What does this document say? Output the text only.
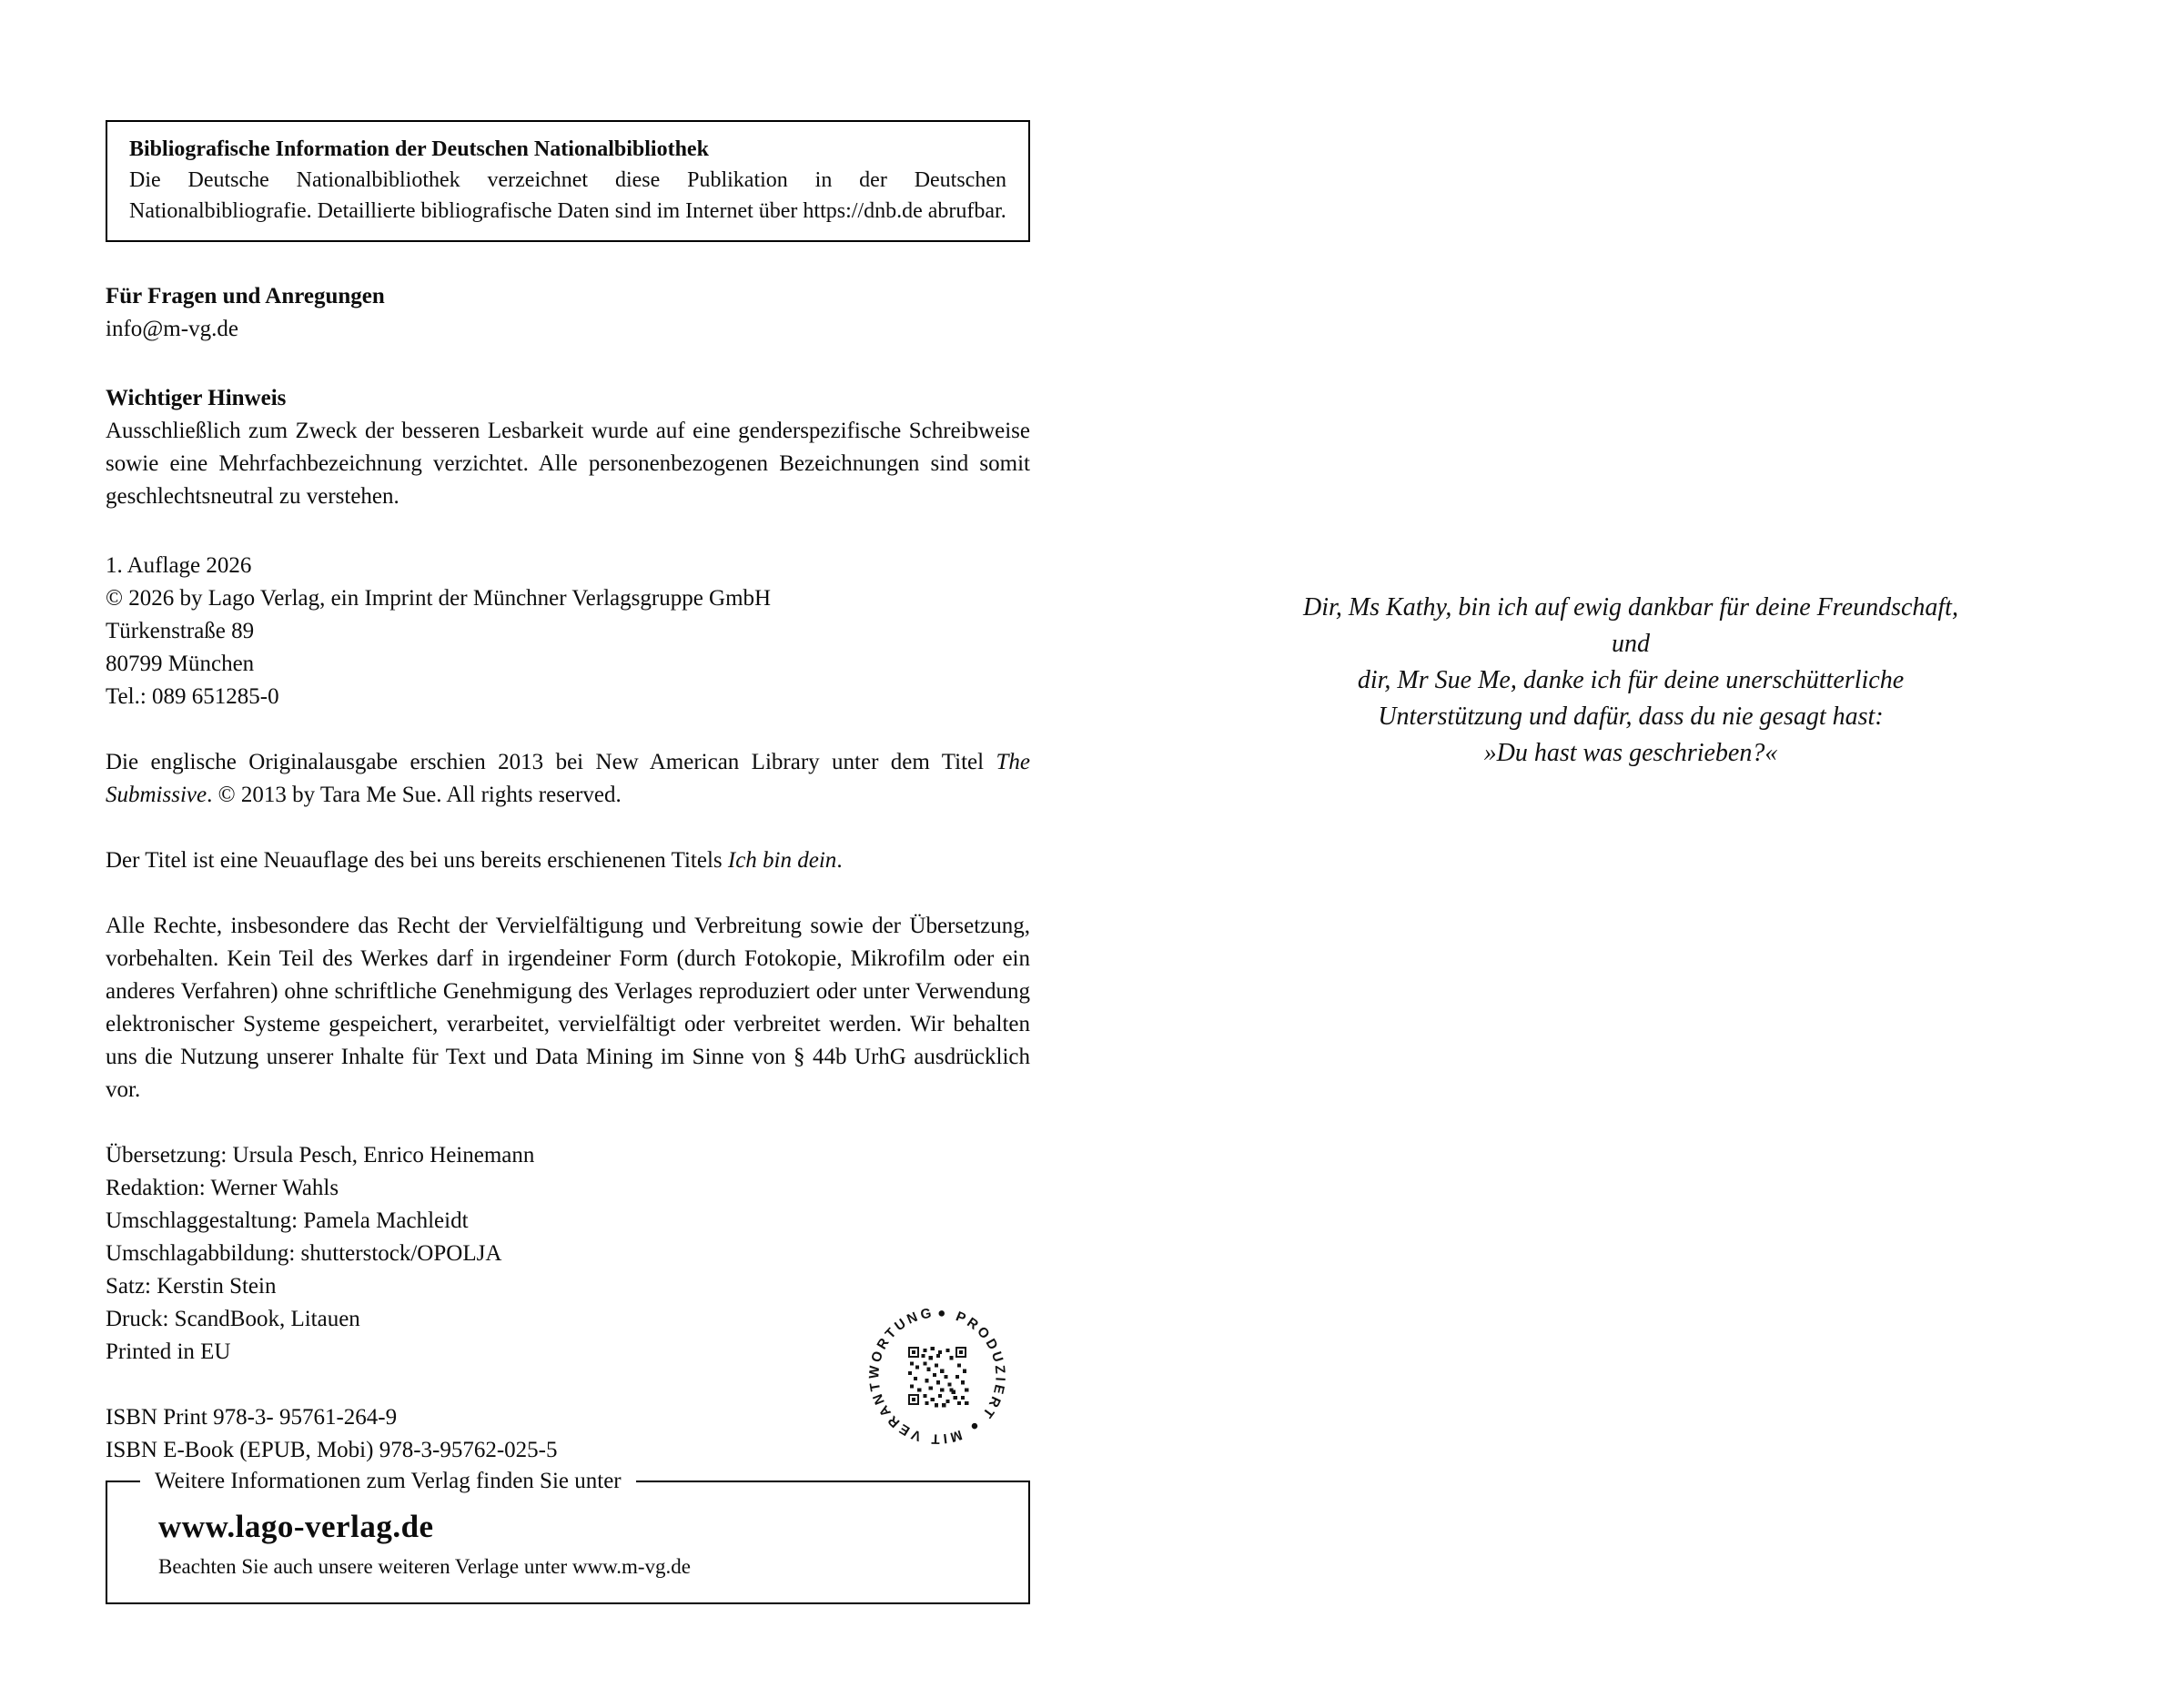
Bibliografische Information der Deutschen Nationalbibliothek
Die Deutsche Nationalbibliothek verzeichnet diese Publikation in der Deutschen Nationalbibliografie. Detaillierte bibliografische Daten sind im Internet über https://dnb.de abrufbar.
Für Fragen und Anregungen
info@m-vg.de
Wichtiger Hinweis
Ausschließlich zum Zweck der besseren Lesbarkeit wurde auf eine genderspezifische Schreibweise sowie eine Mehrfachbezeichnung verzichtet. Alle personenbezogenen Bezeichnungen sind somit geschlechtsneutral zu verstehen.
1. Auflage 2026
© 2026 by Lago Verlag, ein Imprint der Münchner Verlagsgruppe GmbH
Türkenstraße 89
80799 München
Tel.: 089 651285-0
Die englische Originalausgabe erschien 2013 bei New American Library unter dem Titel The Submissive. © 2013 by Tara Me Sue. All rights reserved.
Der Titel ist eine Neuauflage des bei uns bereits erschienenen Titels Ich bin dein.
Alle Rechte, insbesondere das Recht der Vervielfältigung und Verbreitung sowie der Übersetzung, vorbehalten. Kein Teil des Werkes darf in irgendeiner Form (durch Fotokopie, Mikrofilm oder ein anderes Verfahren) ohne schriftliche Genehmigung des Verlages reproduziert oder unter Verwendung elektronischer Systeme gespeichert, verarbeitet, vervielfältigt oder verbreitet werden. Wir behalten uns die Nutzung unserer Inhalte für Text und Data Mining im Sinne von § 44b UrhG ausdrücklich vor.
Übersetzung: Ursula Pesch, Enrico Heinemann
Redaktion: Werner Wahls
Umschlaggestaltung: Pamela Machleidt
Umschlagabbildung: shutterstock/OPOLJA
Satz: Kerstin Stein
Druck: ScandBook, Litauen
Printed in EU
ISBN Print 978-3- 95761-264-9
ISBN E-Book (EPUB, Mobi) 978-3-95762-025-5
● PRODUZIERT ● MIT VERANTWORTUNG
Weitere Informationen zum Verlag finden Sie unter
www.lago-verlag.de
Beachten Sie auch unsere weiteren Verlage unter www.m-vg.de
Dir, Ms Kathy, bin ich auf ewig dankbar für deine Freundschaft,
und
dir, Mr Sue Me, danke ich für deine unerschütterliche
Unterstützung und dafür, dass du nie gesagt hast:
»Du hast was geschrieben?«
